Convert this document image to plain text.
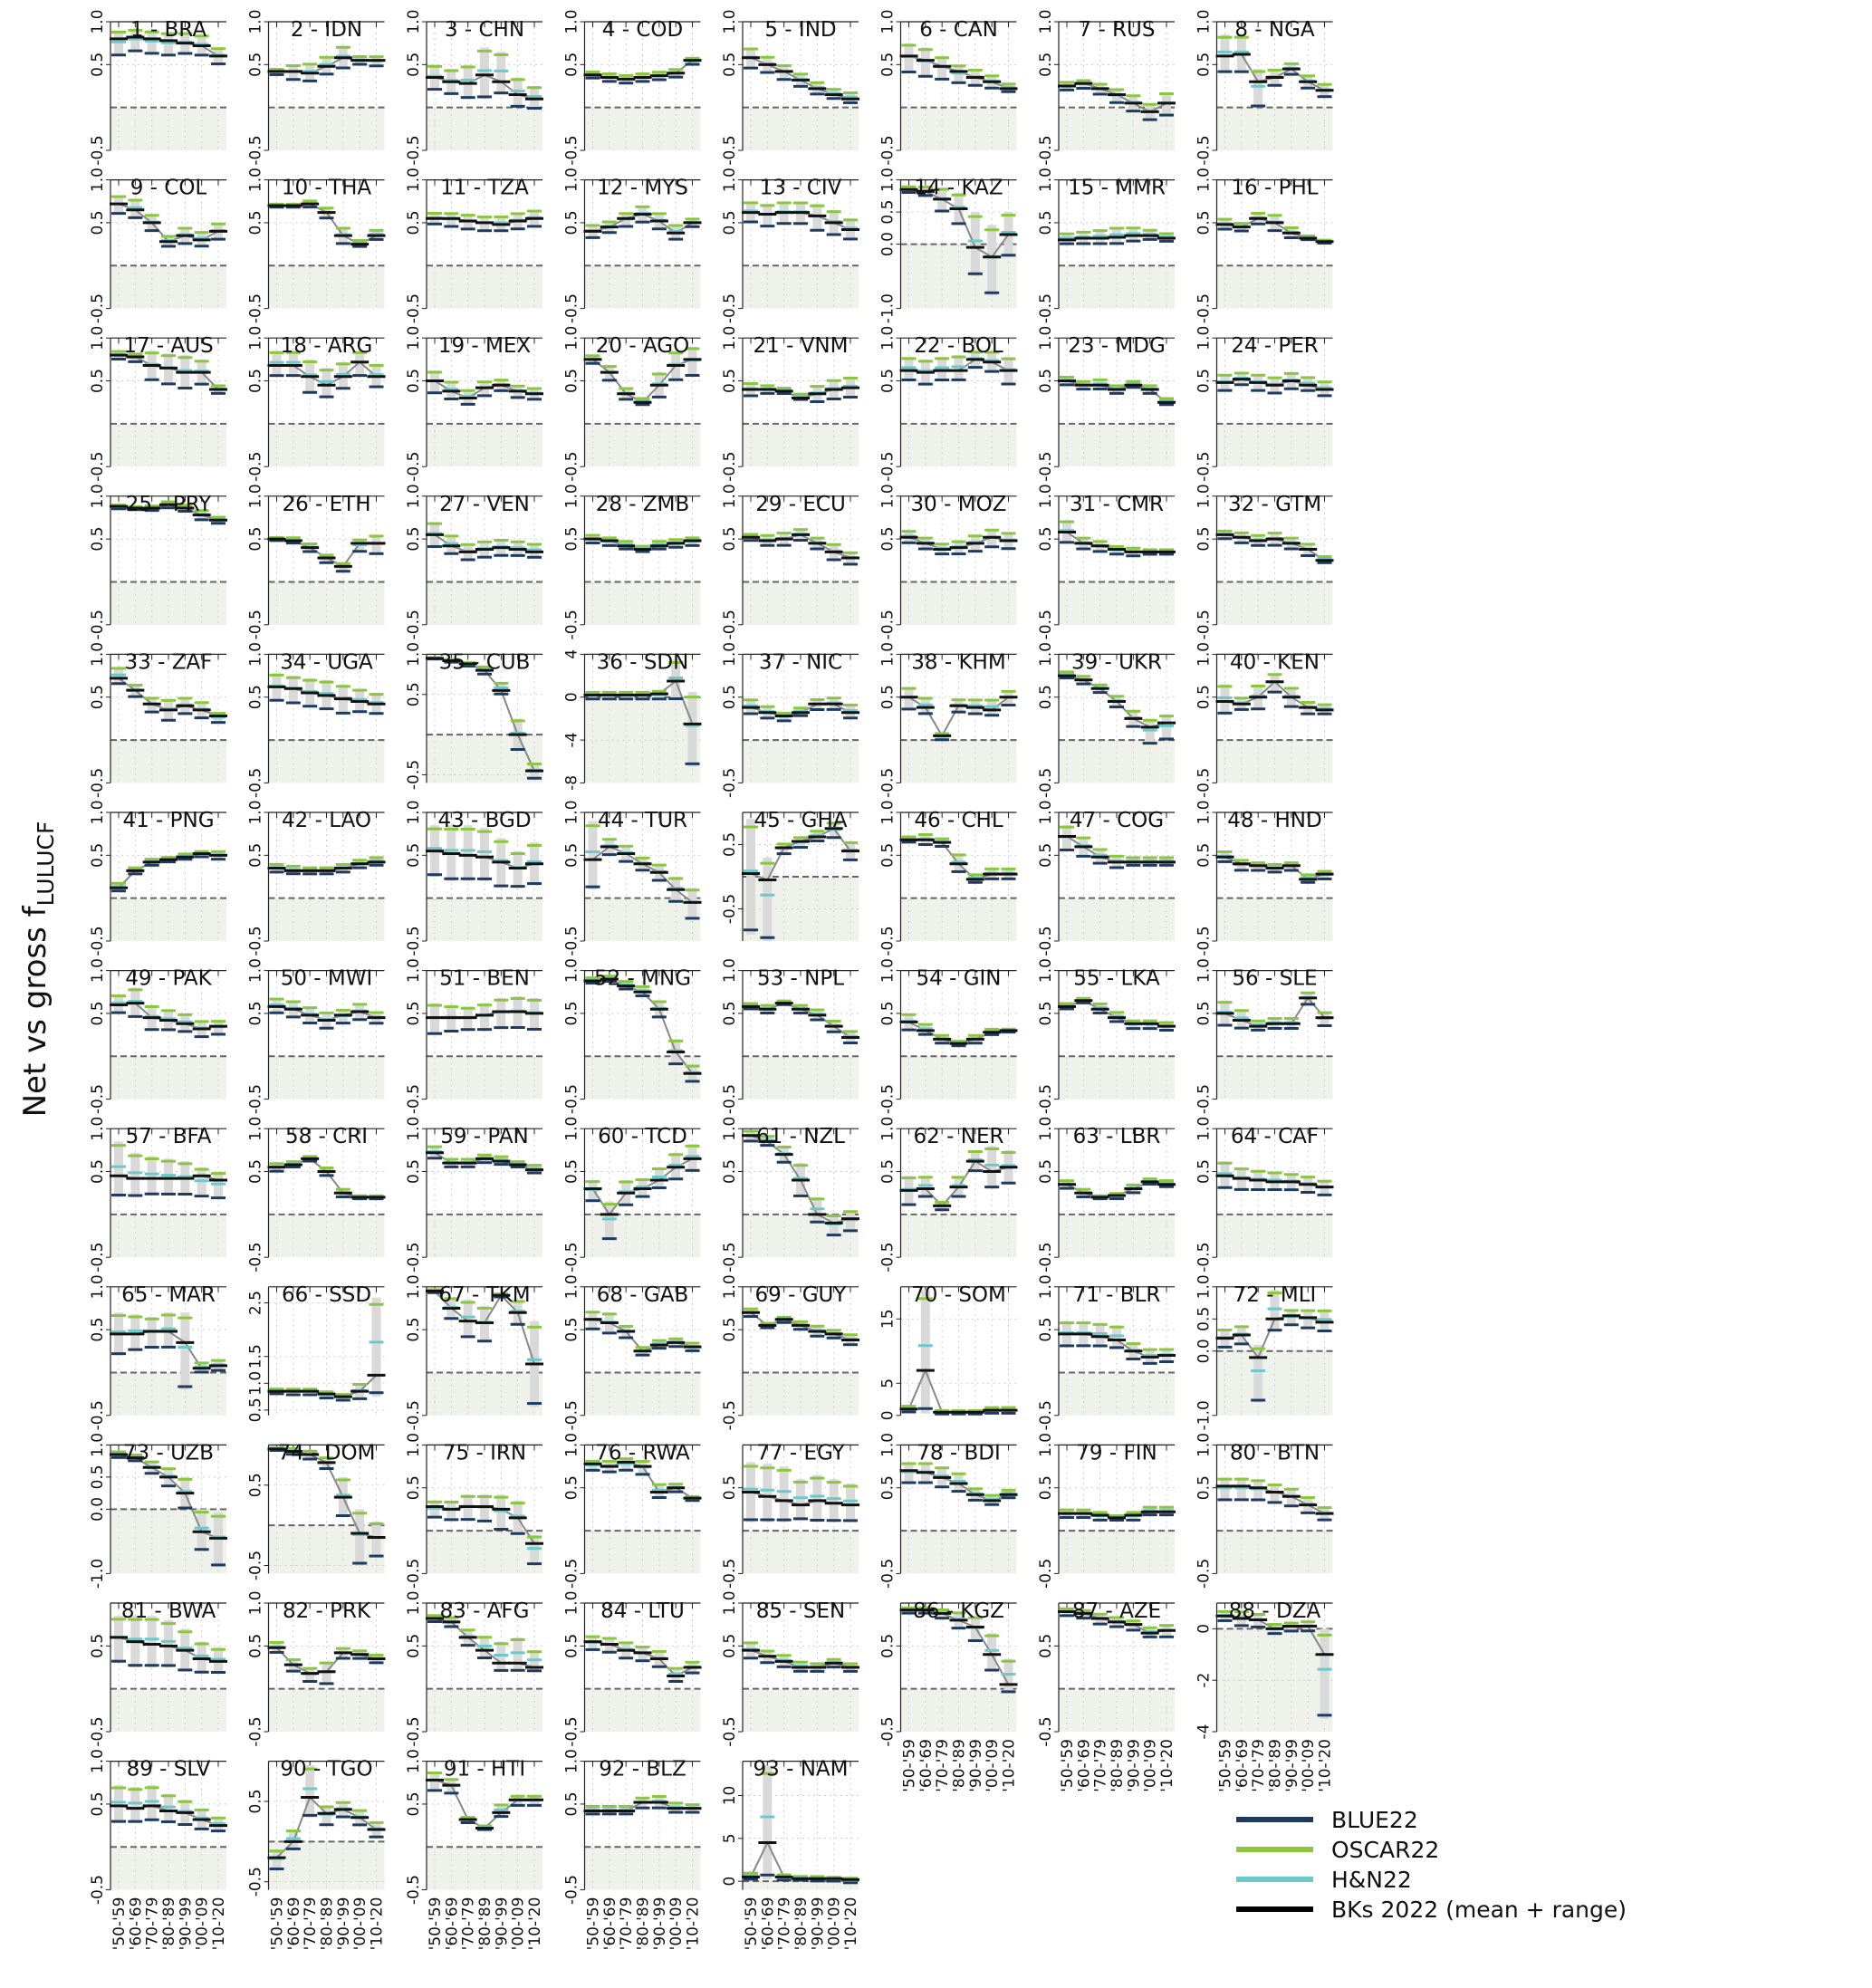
Net vs gross $f_{LULUCF}$
-0.5
0.5
1.0 1 - BRA
-0.5
0.5
1.0 2 - IDN
-0.5
0.5
1.0 3 - CHN
-0.5
0.5
1.0 4 - COD
-0.5
0.5
1.0 5 - IND
-0.5
0.5
1.0 6 - CAN
-0.5
0.5
1.0 7 - RUS
-0.5
0.5
1.0 8 - NGA
-0.5
0.5
1.0 9 - COL
-0.5
0.5
1.0 10 - THA
-0.5
0.5
1.0 11 - TZA
-0.5
0.5
1.0 12 - MYS
-0.5
0.5
1.0 13 - CIV
-1.0
0.0
0.5
1.0 14 - KAZ
-0.5
0.5
1.0 15 - MMR
-0.5
0.5
1.0 16 - PHL
-0.5
0.5
1.0 17 - AUS
-0.5
0.5
1.0 18 - ARG
-0.5
0.5
1.0 19 - MEX
-0.5
0.5
1.0 20 - AGO
-0.5
0.5
1.0 21 - VNM
-0.5
0.5
1.0 22 - BOL
-0.5
0.5
1.0 23 - MDG
-0.5
0.5
1.0 24 - PER
-0.5
0.5
1.0 25 - PRY
-0.5
0.5
1.0 26 - ETH
-0.5
0.5
1.0 27 - VEN
-0.5
0.5
1.0 28 - ZMB
-0.5
0.5
1.0 29 - ECU
-0.5
0.5
1.0 30 - MOZ
-0.5
0.5
1.0 31 - CMR
-0.5
0.5
1.0 32 - GTM
-0.5
0.5
1.0 33 - ZAF
-0.5
0.5
1.0 34 - UGA
-0.5
0.5
1.0 35 - CUB
-8
-4
0
4 36 - SDN
-0.5
0.5
1.0 37 - NIC
-0.5
0.5
1.0 38 - KHM
-0.5
0.5
1.0 39 - UKR
-0.5
0.5
1.0 40 - KEN
-0.5
0.5
1.0 41 - PNG
-0.5
0.5
1.0 42 - LAO
-0.5
0.5
1.0 43 - BGD
-0.5
0.5
1.0 44 - TUR
-0.5
0.5
45 - GHA
-0.5
0.5
1.0 46 - CHL
-0.5
0.5
1.0 47 - COG
-0.5
0.5
1.0 48 - HND
-0.5
0.5
1.0 49 - PAK
-0.5
0.5
1.0 50 - MWI
-0.5
0.5
1.0 51 - BEN
-0.5
0.5
1.0 52 - MNG
-0.5
0.5
1.0 53 - NPL
-0.5
0.5
1.0 54 - GIN
-0.5
0.5
1.0 55 - LKA
-0.5
0.5
1.0 56 - SLE
-0.5
0.5
1.0 57 - BFA
-0.5
0.5
1.0 58 - CRI
-0.5
0.5
1.0 59 - PAN
-0.5
0.5
1.0 60 - TCD
-0.5
0.5
1.0 61 - NZL
-0.5
0.5
1.0 62 - NER
-0.5
0.5
1.0 63 - LBR
-0.5
0.5
1.0 64 - CAF
-0.5
0.5
1.0 65 - MAR
0.5
1.0
1.5
2.5 66 - SSD
-0.5
0.5
1.0 67 - TKM
-0.5
0.5
1.0 68 - GAB
-0.5
0.5
1.0 69 - GUY
0
5
15
70 - SOM
-0.5
0.5
1.0 71 - BLR
-1.0
0.0
0.5
1.0 72 - MLI
-1.0
0.0
0.5
1.0 73 - UZB
-0.5
0.5
74 - DOM
-0.5
0.5
1.0 75 - IRN
-0.5
0.5
1.0 76 - RWA
-0.5
0.5
77 - EGY
-0.5
0.5
1.0 78 - BDI
-0.5
0.5
1.0 79 - FIN
-0.5
0.5
1.0 80 - BTN
-0.5
0.5
81 - BWA
-0.5
0.5
1.0 82 - PRK
-0.5
0.5
1.0 83 - AFG
-0.5
0.5
1.0 84 - LTU
-0.5
0.5
1.0 85 - SEN
-0.5
0.5
86 - KGZ
'50-'59
'60-'69
'70-'79
'80-'89
'90-'99
'00-'09
'10-'20
-0.5
0.5
87 - AZE
'50-'59
'60-'69
'70-'79
'80-'89
'90-'99
'00-'09
'10-'20
-4
-2
0
88 - DZA
'50-'59
'60-'69
'70-'79
'80-'89
'90-'99
'00-'09
'10-'20
-0.5
0.5
1.0 89 - SLV
'50-'59
'60-'69
'70-'79
'80-'89
'90-'99
'00-'09
'10-'20
-0.5
0.5
90 - TGO
'50-'59
'60-'69
'70-'79
'80-'89
'90-'99
'00-'09
'10-'20
-0.5
0.5
1.0 91 - HTI
'50-'59
'60-'69
'70-'79
'80-'89
'90-'99
'00-'09
'10-'20
-0.5
0.5
1.0 92 - BLZ
'50-'59
'60-'69
'70-'79
'80-'89
'90-'99
'00-'09
'10-'20
0
5
10
93 - NAM
'50-'59
'60-'69
'70-'79
'80-'89
'90-'99
'00-'09
'10-'20
BLUE22
OSCAR22
H&N22
BKs 2022 (mean + range)
